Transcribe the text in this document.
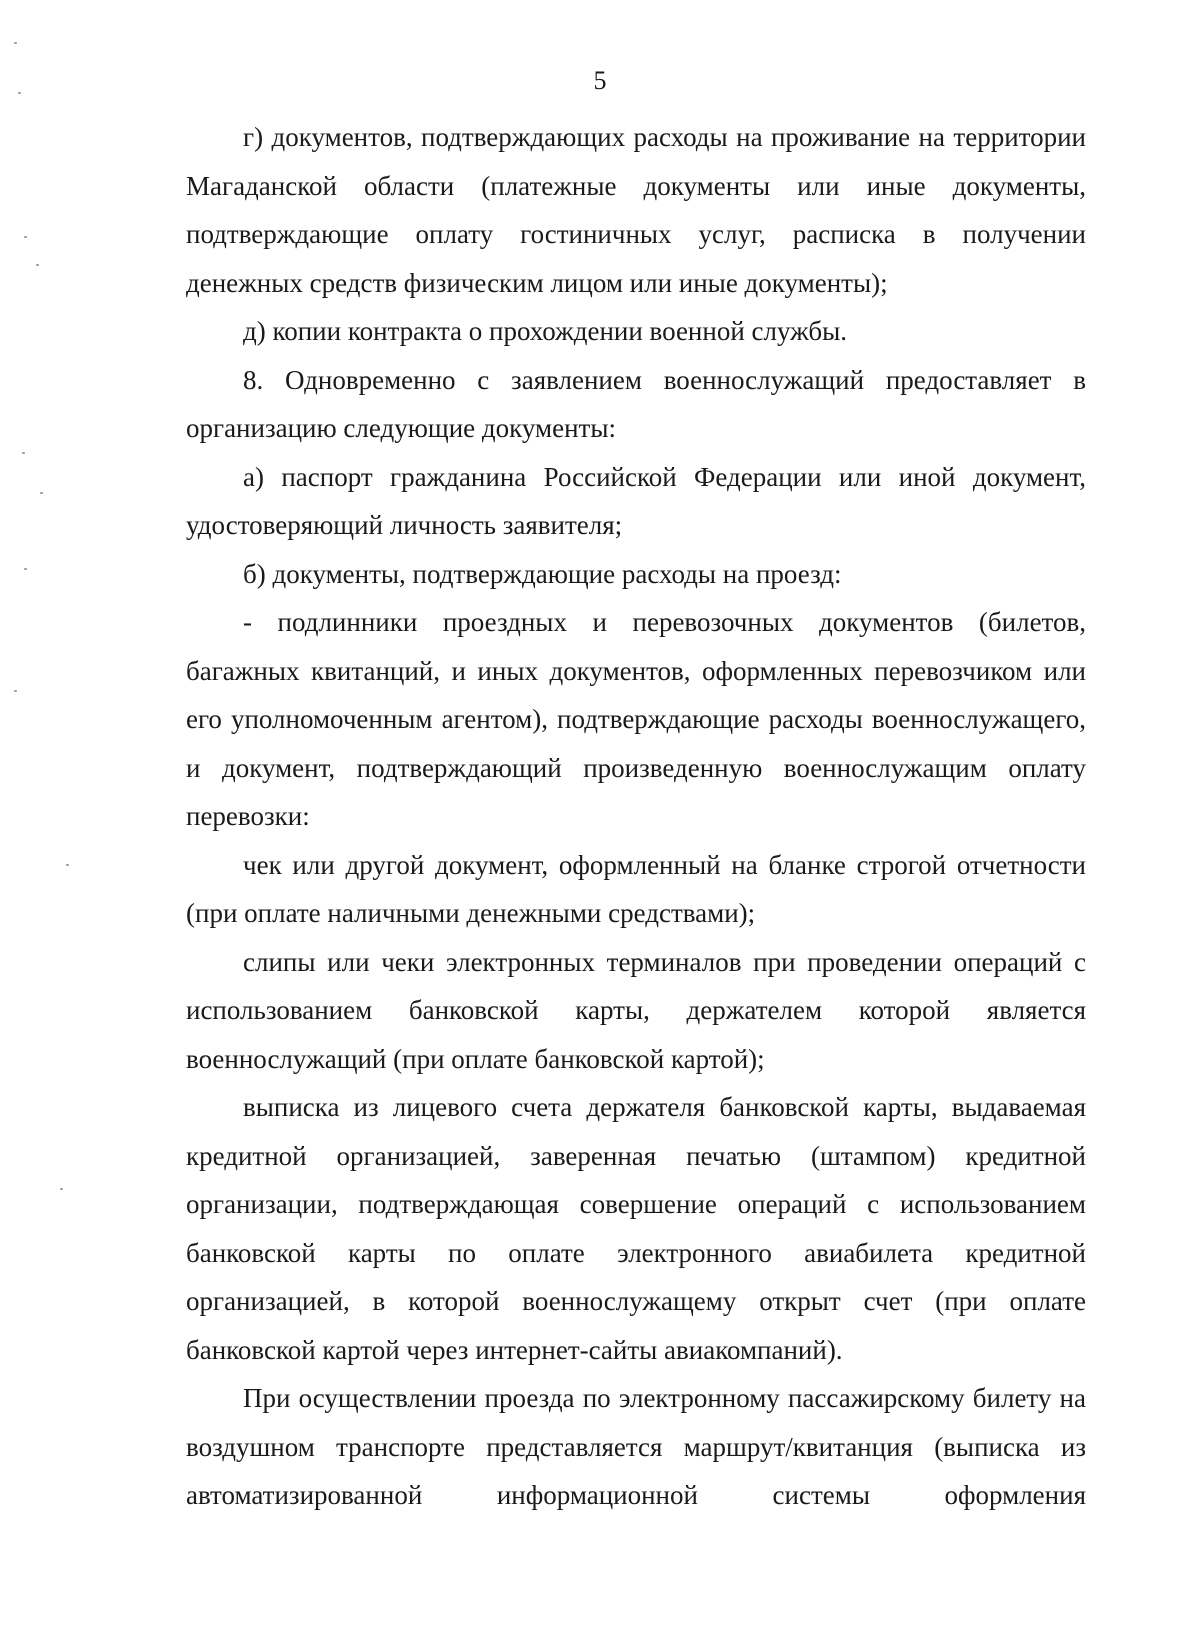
5

г) документов, подтверждающих расходы на проживание на территории Магаданской области (платежные документы или иные документы, подтверждающие оплату гостиничных услуг, расписка в получении денежных средств физическим лицом или иные документы);

д) копии контракта о прохождении военной службы.

8. Одновременно с заявлением военнослужащий предоставляет в организацию следующие документы:

а) паспорт гражданина Российской Федерации или иной документ, удостоверяющий личность заявителя;

б) документы, подтверждающие расходы на проезд:

- подлинники проездных и перевозочных документов (билетов, багажных квитанций, и иных документов, оформленных перевозчиком или его уполномоченным агентом), подтверждающие расходы военнослужащего, и документ, подтверждающий произведенную военнослужащим оплату перевозки:

чек или другой документ, оформленный на бланке строгой отчетности (при оплате наличными денежными средствами);

слипы или чеки электронных терминалов при проведении операций с использованием банковской карты, держателем которой является военнослужащий (при оплате банковской картой);

выписка из лицевого счета держателя банковской карты, выдаваемая кредитной организацией, заверенная печатью (штампом) кредитной организации, подтверждающая совершение операций с использованием банковской карты по оплате электронного авиабилета кредитной организацией, в которой военнослужащему открыт счет (при оплате банковской картой через интернет-сайты авиакомпаний).

При осуществлении проезда по электронному пассажирскому билету на воздушном транспорте представляется маршрут/квитанция (выписка из автоматизированной информационной системы оформления
